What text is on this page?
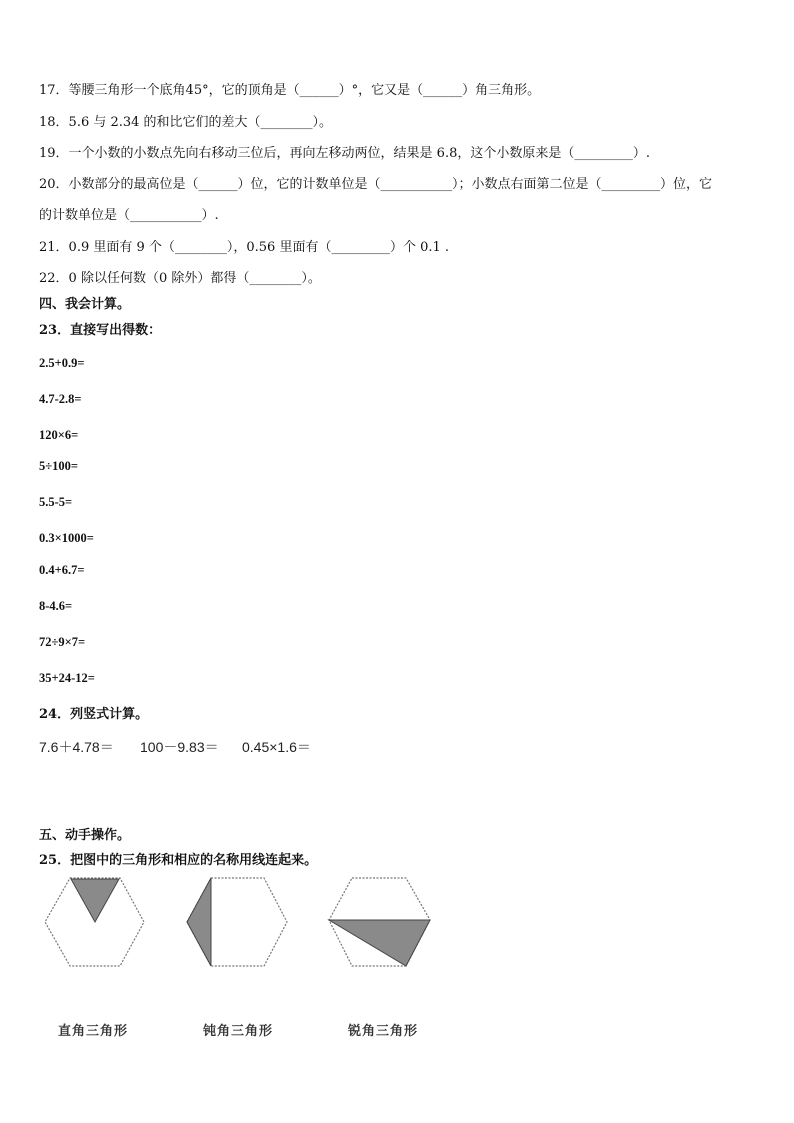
17．等腰三角形一个底角45°，它的顶角是（______）°，它又是（______）角三角形。
18．5.6 与 2.34 的和比它们的差大（________）。
19．一个小数的小数点先向右移动三位后，再向左移动两位，结果是 6.8，这个小数原来是（_________）.
20．小数部分的最高位是（______）位，它的计数单位是（___________）；小数点右面第二位是（_________）位，它
的计数单位是（___________）.
21．0.9 里面有 9 个（________），0.56 里面有（_________）个 0.1 .
22．0 除以任何数（0 除外）都得（________）。
四、我会计算。
23．直接写出得数：
2.5+0.9=
4.7-2.8=
120×6=
5÷100=
5.5-5=
0.3×1000=
0.4+6.7=
8-4.6=
72÷9×7=
35+24-12=
24．列竖式计算。
7.6＋4.78＝ 100－9.83＝ 0.45×1.6＝
五、动手操作。
25．把图中的三角形和相应的名称用线连起来。
直角三角形	钝角三角形	锐角三角形
